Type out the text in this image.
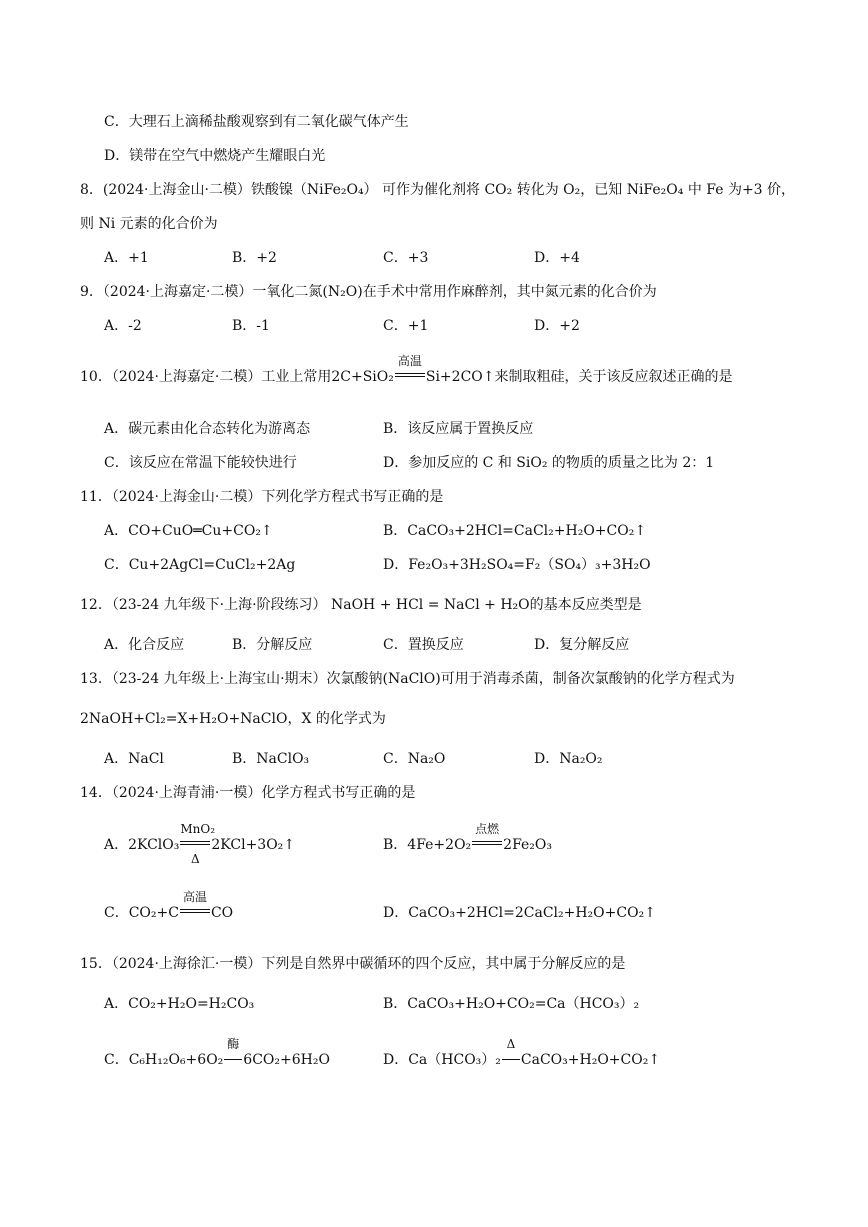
C．大理石上滴稀盐酸观察到有二氧化碳气体产生
D．镁带在空气中燃烧产生耀眼白光
8．(2024·上海金山·二模）铁酸镍（NiFe₂O₄） 可作为催化剂将 CO₂ 转化为 O₂，已知 NiFe₂O₄ 中 Fe 为+3 价，
则 Ni 元素的化合价为
A．+1	B．+2	C．+3	D．+4
9．（2024·上海嘉定·二模）一氧化二氮(N₂O)在手术中常用作麻醉剂，其中氮元素的化合价为
A．-2	B．-1	C．+1	D．+2
10．（2024·上海嘉定·二模）工业上常用2C+SiO₂
高温
Si+2CO↑来制取粗硅，关于该反应叙述正确的是
A．碳元素由化合态转化为游离态	B．该反应属于置换反应
C．该反应在常温下能较快进行	D．参加反应的 C 和 SiO₂ 的物质的质量之比为 2：1
11．（2024·上海金山·二模）下列化学方程式书写正确的是
A．CO+CuO═Cu+CO₂↑	B．CaCO₃+2HCl=CaCl₂+H₂O+CO₂↑
C．Cu+2AgCl=CuCl₂+2Ag	D．Fe₂O₃+3H₂SO₄=F₂（SO₄）₃+3H₂O
12．（23-24 九年级下·上海·阶段练习） NaOH + HCl = NaCl + H₂O的基本反应类型是
A．化合反应	B．分解反应	C．置换反应	D．复分解反应
13．（23-24 九年级上·上海宝山·期末）次氯酸钠(NaClO)可用于消毒杀菌，制备次氯酸钠的化学方程式为
2NaOH+Cl₂=X+H₂O+NaClO，X 的化学式为
A．NaCl	B．NaClO₃	C．Na₂O	D．Na₂O₂
14．（2024·上海青浦·一模）化学方程式书写正确的是
A．2KClO₃
MnO₂
Δ
2KCl+3O₂↑	B．4Fe+2O₂
点燃
2Fe₂O₃
C．CO₂+C
高温
CO	D．CaCO₃+2HCl=2CaCl₂+H₂O+CO₂↑
15．（2024·上海徐汇·一模）下列是自然界中碳循环的四个反应，其中属于分解反应的是
A．CO₂+H₂O=H₂CO₃	B．CaCO₃+H₂O+CO₂=Ca（HCO₃）₂
C．C₆H₁₂O₆+6O₂
酶
6CO₂+6H₂O	D．Ca（HCO₃）₂
Δ
CaCO₃+H₂O+CO₂↑
